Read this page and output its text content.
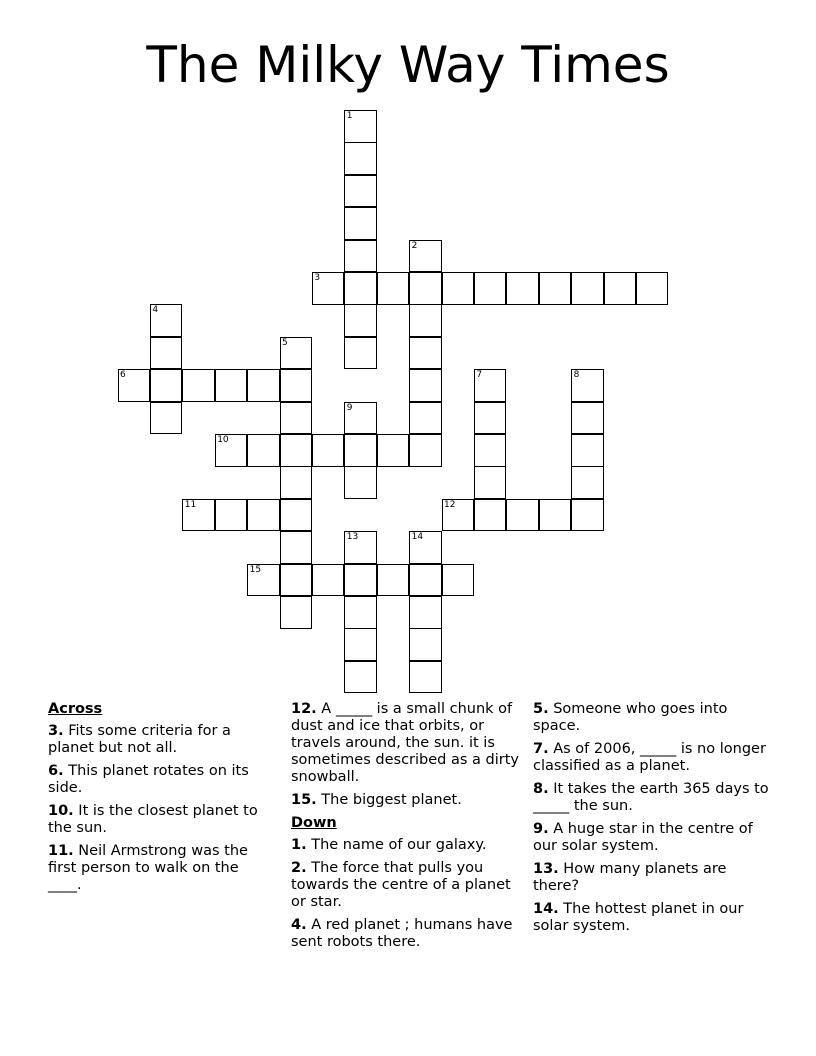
The Milky Way Times
1
2
3
4
5
6	7	8
9
10
11	12
13	14
15
Across
3. Fits some criteria for a planet but not all.
6. This planet rotates on its side.
10. It is the closest planet to the sun.
11. Neil Armstrong was the first person to walk on the ____.
12. A _____ is a small chunk of dust and ice that orbits, or travels around, the sun. it is sometimes described as a dirty snowball.
15. The biggest planet.
Down
1. The name of our galaxy.
2. The force that pulls you towards the centre of a planet or star.
4. A red planet ; humans have sent robots there.
5. Someone who goes into space.
7. As of 2006, _____ is no longer classified as a planet.
8. It takes the earth 365 days to _____ the sun.
9. A huge star in the centre of our solar system.
13. How many planets are there?
14. The hottest planet in our solar system.
